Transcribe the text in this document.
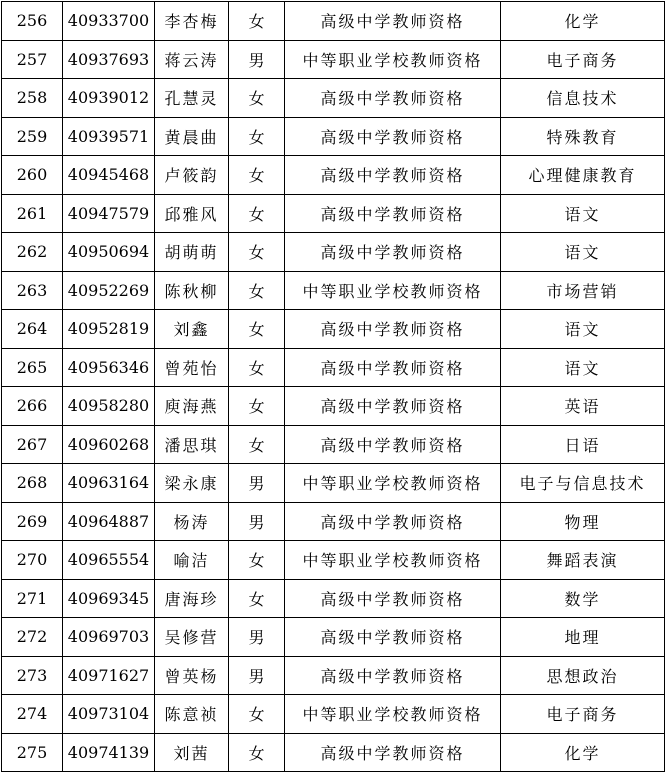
256	40933700	李杏梅	女	高级中学教师资格	化学
257	40937693	蒋云涛	男	中等职业学校教师资格	电子商务
258	40939012	孔慧灵	女	高级中学教师资格	信息技术
259	40939571	黄晨曲	女	高级中学教师资格	特殊教育
260	40945468	卢筱韵	女	高级中学教师资格	心理健康教育
261	40947579	邱雅风	女	高级中学教师资格	语文
262	40950694	胡萌萌	女	高级中学教师资格	语文
263	40952269	陈秋柳	女	中等职业学校教师资格	市场营销
264	40952819	刘鑫	女	高级中学教师资格	语文
265	40956346	曾苑怡	女	高级中学教师资格	语文
266	40958280	庾海燕	女	高级中学教师资格	英语
267	40960268	潘思琪	女	高级中学教师资格	日语
268	40963164	梁永康	男	中等职业学校教师资格	电子与信息技术
269	40964887	杨涛	男	高级中学教师资格	物理
270	40965554	喻洁	女	中等职业学校教师资格	舞蹈表演
271	40969345	唐海珍	女	高级中学教师资格	数学
272	40969703	吴修营	男	高级中学教师资格	地理
273	40971627	曾英杨	男	高级中学教师资格	思想政治
274	40973104	陈意祯	女	中等职业学校教师资格	电子商务
275	40974139	刘茜	女	高级中学教师资格	化学
